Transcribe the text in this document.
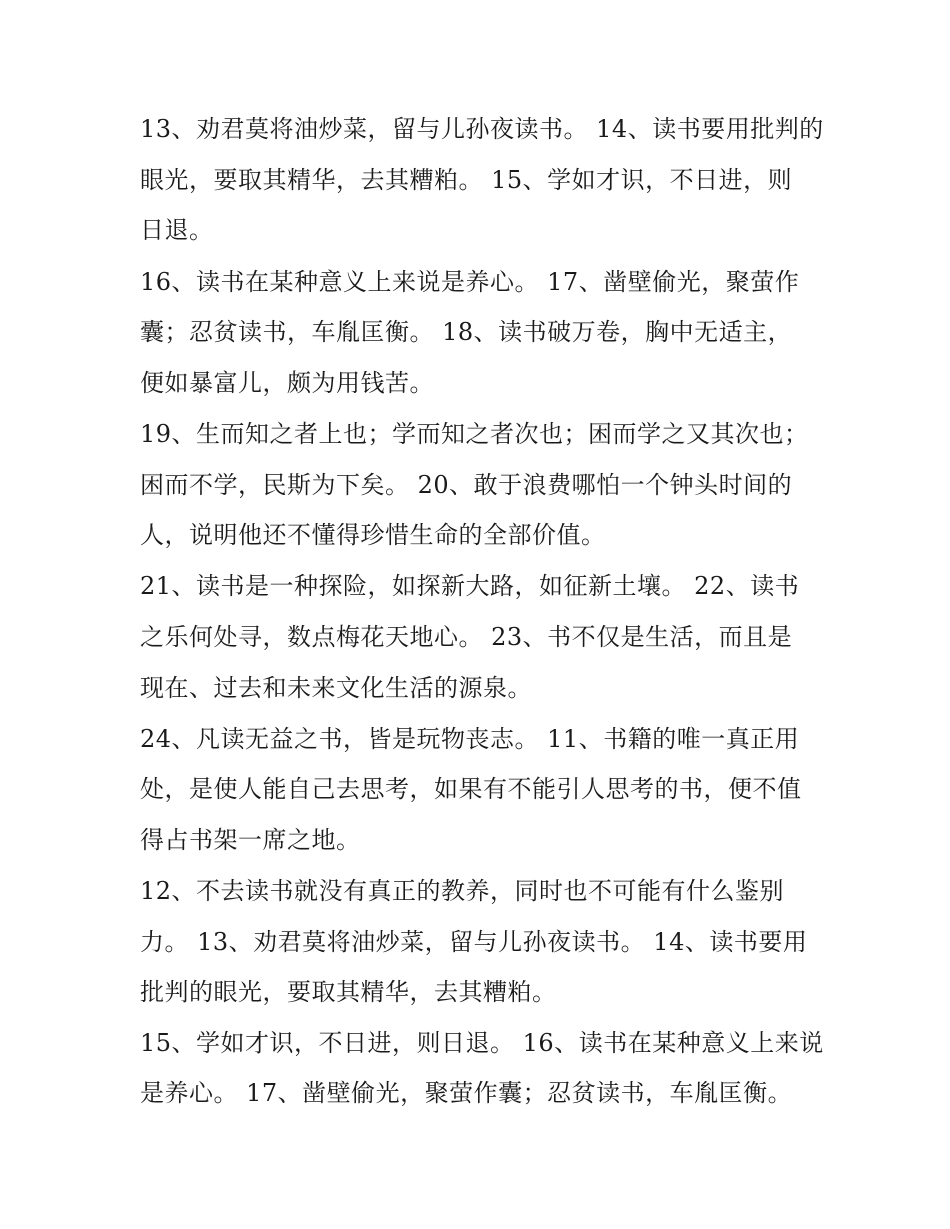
13、劝君莫将油炒菜，留与儿孙夜读书。 14、读书要用批判的
眼光，要取其精华，去其糟粕。 15、学如才识，不日进，则
日退。
16、读书在某种意义上来说是养心。 17、凿壁偷光，聚萤作
囊；忍贫读书，车胤匡衡。 18、读书破万卷，胸中无适主，
便如暴富儿，颇为用钱苦。
19、生而知之者上也；学而知之者次也；困而学之又其次也；
困而不学，民斯为下矣。 20、敢于浪费哪怕一个钟头时间的
人，说明他还不懂得珍惜生命的全部价值。
21、读书是一种探险，如探新大路，如征新土壤。 22、读书
之乐何处寻，数点梅花天地心。 23、书不仅是生活，而且是
现在、过去和未来文化生活的源泉。
24、凡读无益之书，皆是玩物丧志。 11、书籍的唯一真正用
处，是使人能自己去思考，如果有不能引人思考的书，便不值
得占书架一席之地。
12、不去读书就没有真正的教养，同时也不可能有什么鉴别
力。 13、劝君莫将油炒菜，留与儿孙夜读书。 14、读书要用
批判的眼光，要取其精华，去其糟粕。
15、学如才识，不日进，则日退。 16、读书在某种意义上来说
是养心。 17、凿壁偷光，聚萤作囊；忍贫读书，车胤匡衡。
